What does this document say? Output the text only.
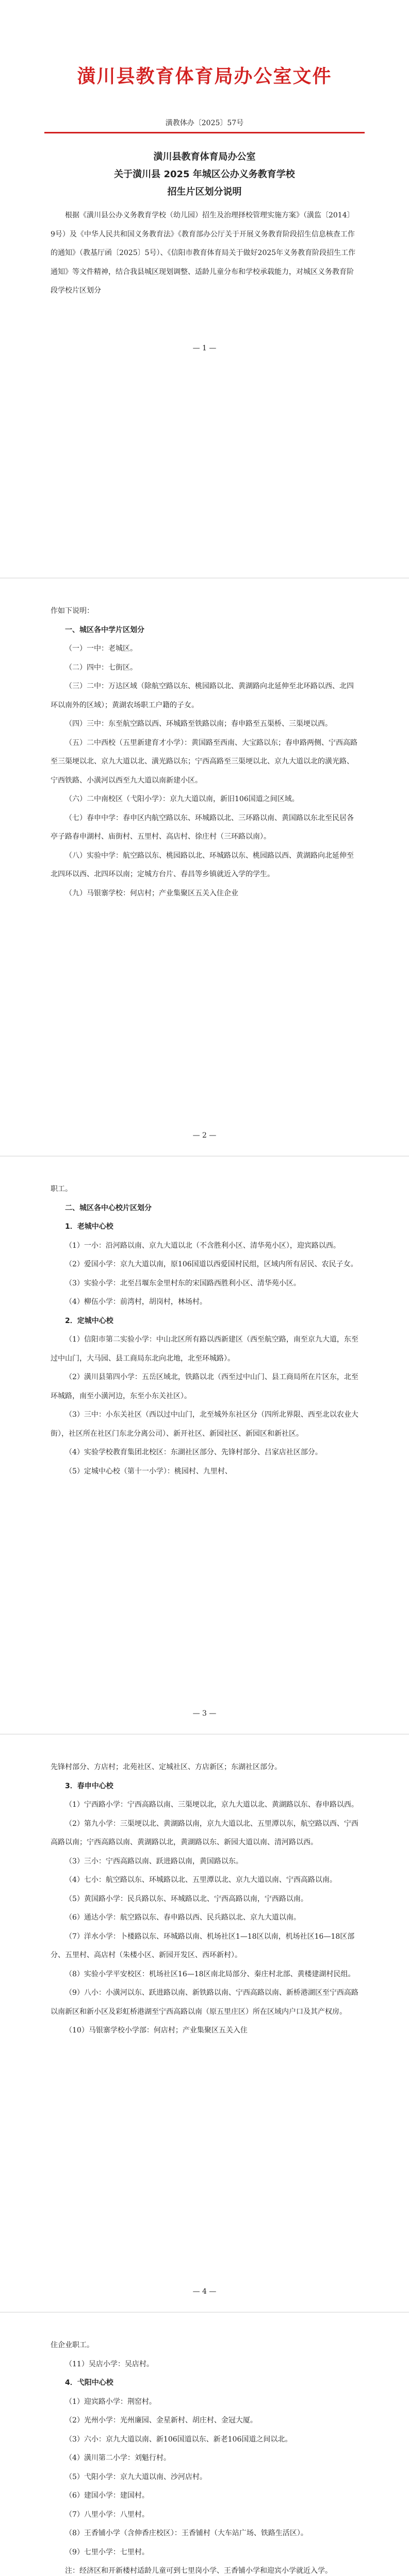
潢川县教育体育局办公室文件
潢教体办〔2025〕57号
潢川县教育体育局办公室
关于潢川县 2025 年城区公办义务教育学校
招生片区划分说明

根据《潢川县公办义务教育学校（幼儿园）招生及治理择校管理实施方案》（潢监〔2014〕9号）及《中华人民共和国义务教育法》《教育部办公厅关于开展义务教育阶段招生信息核查工作的通知》（教基厅函〔2025〕5号）、《信阳市教育体育局关于做好2025年义务教育阶段招生工作通知》等文件精神，结合我县城区现划调整、适龄儿童分布和学校承载能力，对城区义务教育阶段学校片区划分

— 1 —

作如下说明：

一、城区各中学片区划分

（一）一中：老城区。

（二）四中：七街区。

（三）二中：万达区域（除航空路以东、桃园路以北、黄湖路向北延伸至北环路以西、北四环以南外的区域）；黄湖农场职工户籍的子女。

（四）三中：东至航空路以西、环城路至铁路以南；春申路至五渠桥、三渠埂以西。

（五）二中西校（五里新建育才小学）：黄国路至西南、大宝路以东；春申路两侧、宁西高路至三渠埂以北、京九大道以北、潢光路以东；宁西高路至三渠埂以北、京九大道以北的潢光路、宁西铁路、小潢河以西至九大道以南新建小区。

（六）二中南校区（弋阳小学）：京九大道以南，新旧106国道之间区域。

（七）春申中学：春申区内航空路以东、环城路以北、三环路以南、黄国路以东北至民居各亭子路春申湖村、庙街村、五里村、高店村、徐庄村（三环路以南）。

（八）实验中学：航空路以东、桃园路以北、环城路以东、桃园路以西、黄湖路向北延伸至北四环以西、北四环以南；定城方台片、春昌等乡镇就近入学的学生。

（九）马银寨学校：何店村；产业集聚区五关入住企业

— 2 —

职工。

二、城区各中心校片区划分

1．老城中心校

（1）一小：沿河路以南、京九大道以北（不含胜利小区、清华苑小区），迎宾路以西。

（2）爱国小学：京九大道以南，原106国道以西爱国村民组，区域内所有居民、农民子女。

（3）实验小学：北至吕堰东金里村东的宋国路西胜利小区、清华苑小区。

（4）柳伍小学：前湾村，胡岗村，林场村。

2．定城中心校

（1）信阳市第二实验小学：中山北区所有路以西新建区（西至航空路，南至京九大道，东至过中山门，大马园、县工商局东北向北地，北至环城路）。

（2）潢川县第四小学：五岳区域北，铁路以北（西至过中山门、县工商局所在片区东，北至环城路，南至小潢河边，东至小东关社区）。

（3）三中：小东关社区（西以过中山门，北至城外东社区分（四所北界限、西至北以农业大街），社区所在社区门东北分离公司）、新开社区、新园社区、新园区和新社区。

（4）实验学校教育集团北校区：东湖社区部分、先锋村部分、吕家店社区部分。

（5）定城中心校（第十一小学）：桃园村、九里村、

— 3 —

先锋村部分、方店村；北苑社区、定城社区、方店新区；东湖社区部分。

3．春申中心校

（1）宁西路小学：宁西高路以南、三渠埂以北，京九大道以北、黄湖路以东、春申路以西。

（2）第九小学：三渠埂以北、黄湖路以南，京九大道以北、五里潭以东，航空路以西、宁西高路以南；宁西高路以南、黄湖路以北，黄湖路以东、新园大道以南、清河路以西。

（3）三小：宁西高路以南、跃进路以南，黄国路以东。

（4）七小：航空路以东、环城路以北、五里潭以北、京九大道以南、宁西高路以南。

（5）黄国路小学：民兵路以东、环城路以北、宁西高路以南，宁西路以南。

（6）通达小学：航空路以东、春申路以西、民兵路以北、京九大道以南。

（7）洋水小学：卜楼路以东、环城路以南、机场社区1—18区以南，机场社区16—18区部分、五里村、高店村（朱楼小区、新园开发区、西环新村）。

（8）实验小学平安校区：机场社区16—18区南北局部分、秦庄村北部、黄楼建湖村民组。

（9）八小：小潢河以东、跃进路以南、新铁路以南、宁西高路以南、新桥港湖区至宁西高路以南新区和新小区及彩虹桥港湖至宁西高路以南（原五里庄区）所在区域内户口及其产权房。

（10）马银寨学校小学部：何店村；产业集聚区五关入住

— 4 —

住企业职工。

（11）吴店小学：吴店村。

4．弋阳中心校

（1）迎宾路小学：荆窑村。

（2）光州小学：光州廉园、金星新村、胡庄村、金冠大厦。

（3）六小：京九大道以南、新106国道以东、新老106国道之间以北。

（4）潢川第二小学：刘魁行村。

（5）弋阳小学：京九大道以南、沙河店村。

（6）建国小学：建国村。

（7）八里小学：八里村。

（8）王香铺小学（含伸香庄校区）：王香铺村（大车站广场、铁路生活区）。

（9）七里小学：七里村。

注：经济区和开新楼村适龄儿童可到七里岗小学、王香铺小学和迎宾小学就近入学。
